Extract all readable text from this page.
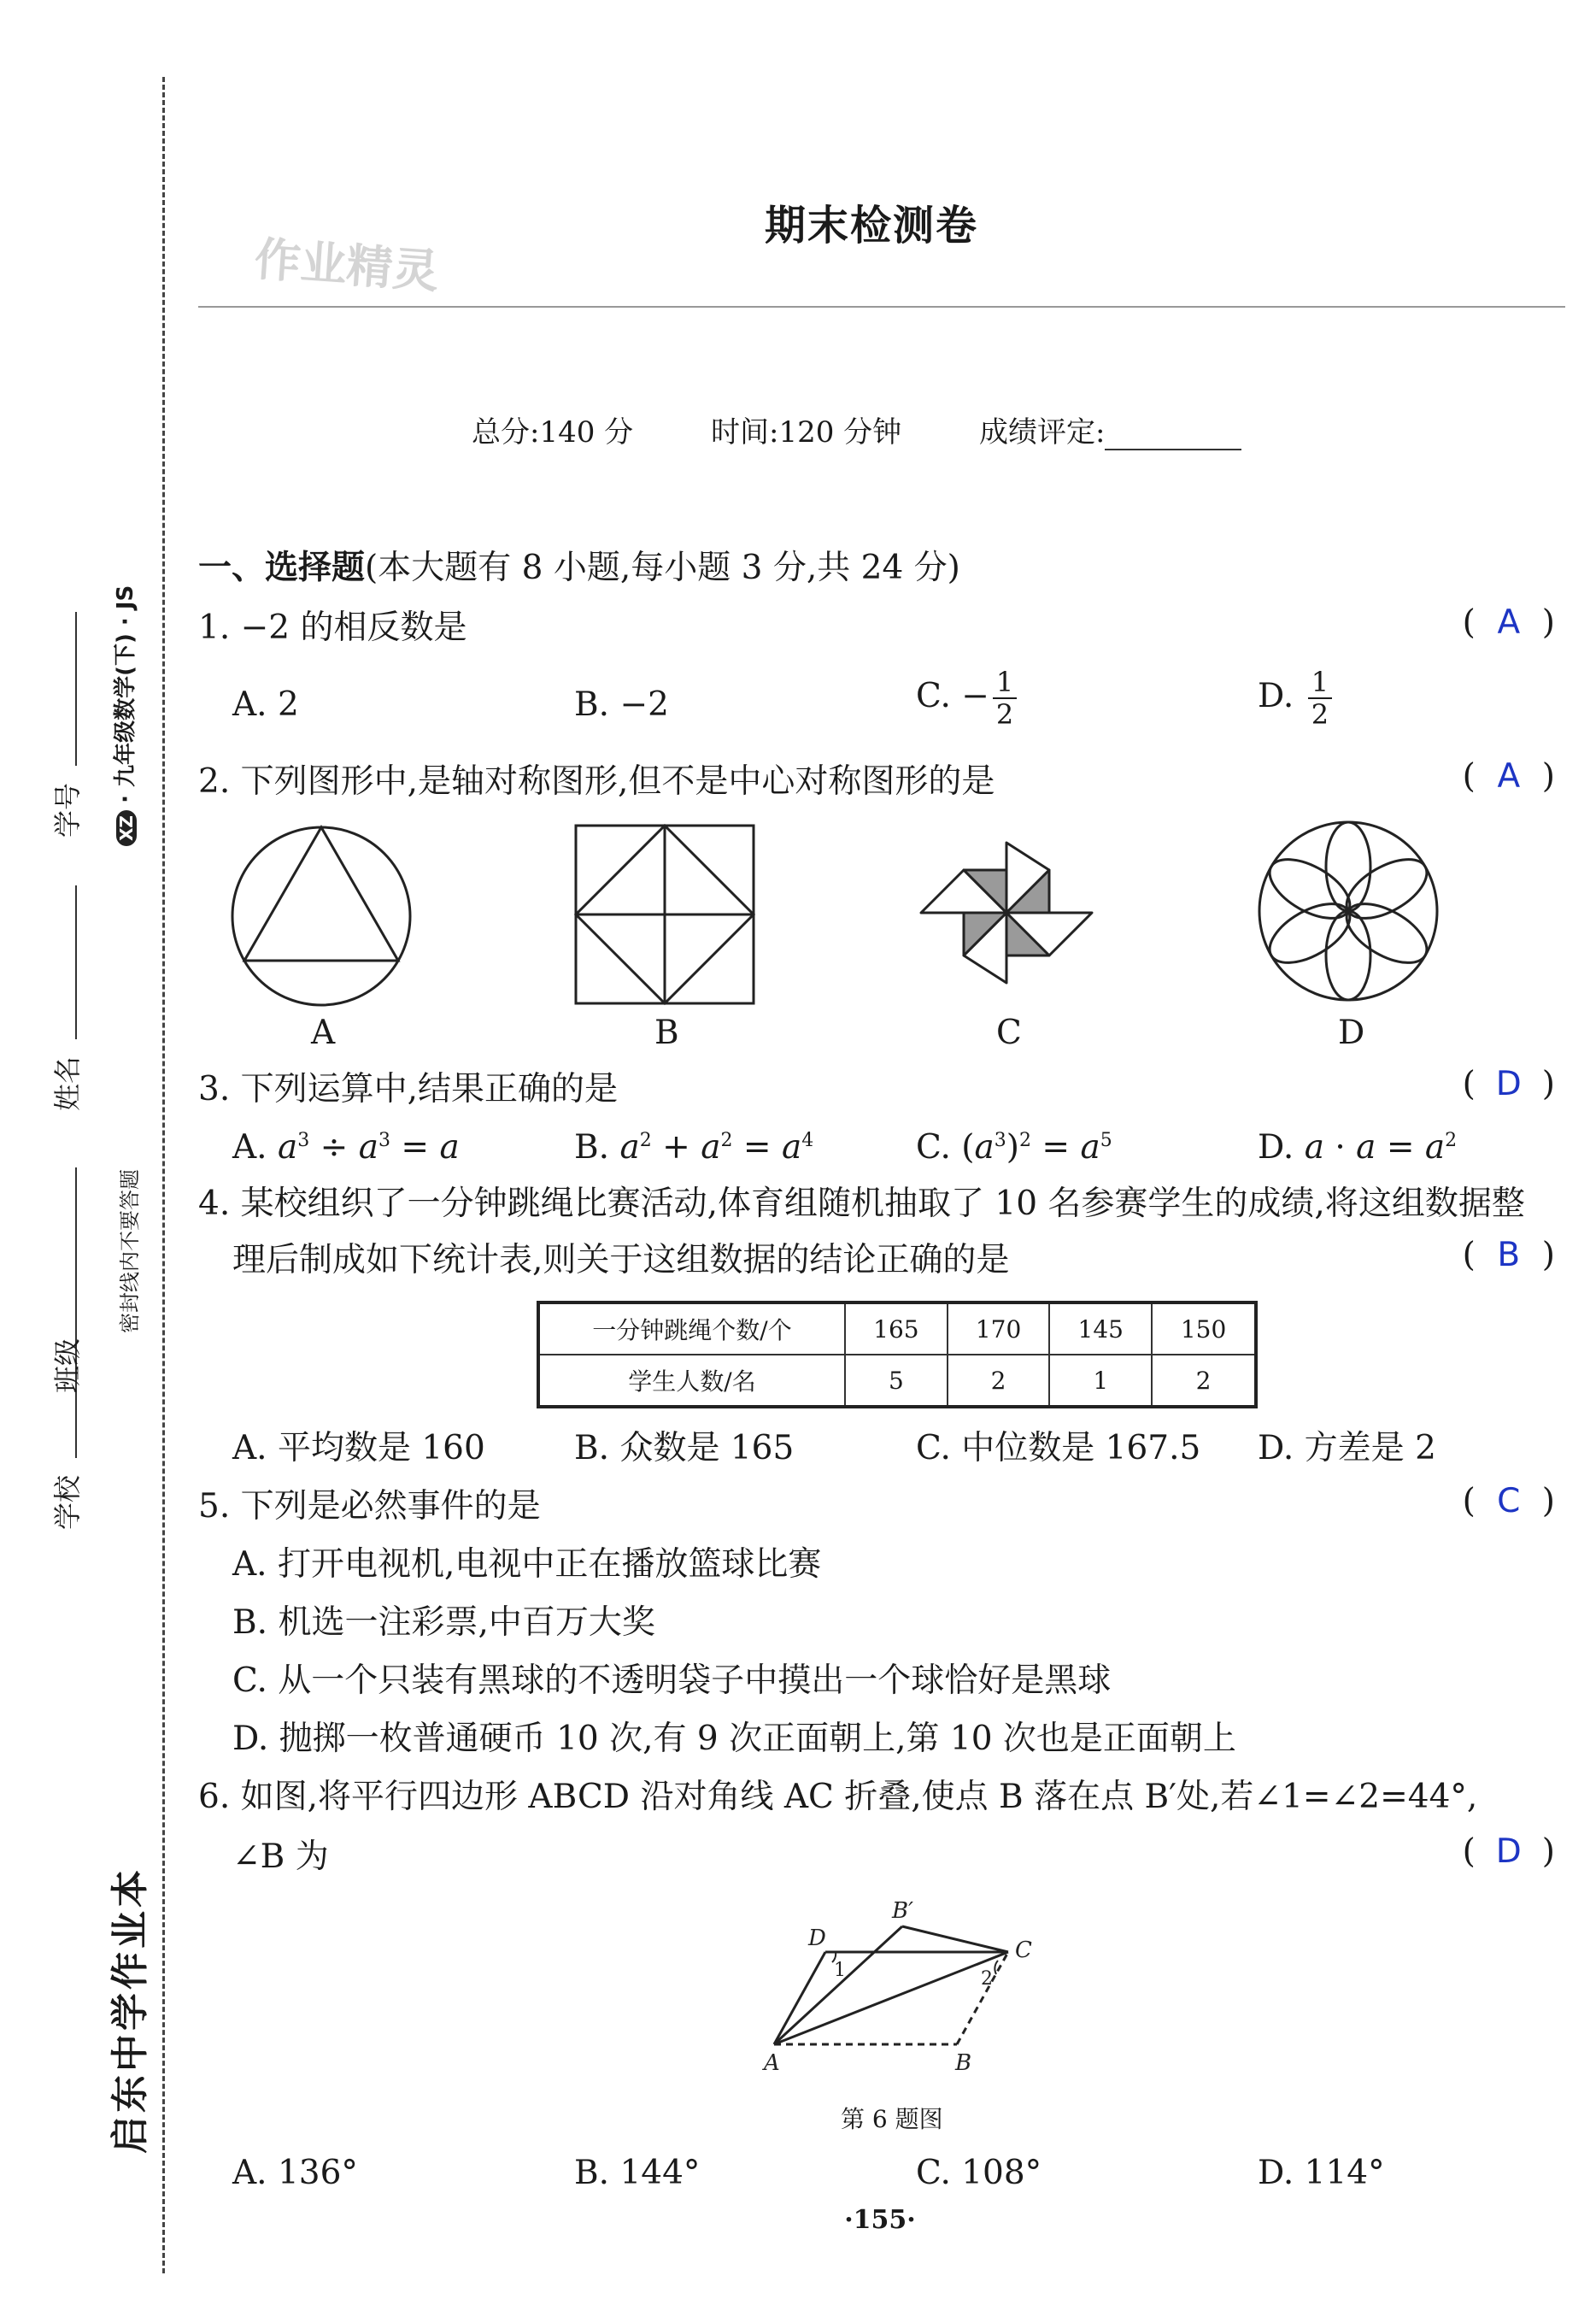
学校
班级
姓名
学号
密封线内不要答题
XZ · 九年级数学(下) · JS
启东中学作业本
期末检测卷
作业精灵
总分:140 分	时间:120 分钟	成绩评定:
一、选择题(本大题有 8 小题,每小题 3 分,共 24 分)
1. −2 的相反数是	( A )
A. 2	B. −2	C. − $\frac{1}{2}$	D. $\frac{1}{2}$
2. 下列图形中,是轴对称图形,但不是中心对称图形的是	( A )
A	B	C	D
3. 下列运算中,结果正确的是	( D )
A. $a^3 \div a^3 = a$	B. $a^2 + a^2 = a^4$	C. $(a^3)^2 = a^5$	D. $a \cdot a = a^2$
4. 某校组织了一分钟跳绳比赛活动,体育组随机抽取了 10 名参赛学生的成绩,将这组数据整
理后制成如下统计表,则关于这组数据的结论正确的是	( B )
一分钟跳绳个数/个	165	170	145	150
学生人数/名	5	2	1	2
A. 平均数是 160	B. 众数是 165	C. 中位数是 167.5 D. 方差是 2
5. 下列是必然事件的是	( C )
A. 打开电视机,电视中正在播放篮球比赛
B. 机选一注彩票,中百万大奖
C. 从一个只装有黑球的不透明袋子中摸出一个球恰好是黑球
D. 抛掷一枚普通硬币 10 次,有 9 次正面朝上,第 10 次也是正面朝上
6. 如图,将平行四边形 ABCD 沿对角线 AC 折叠,使点 B 落在点 B′处,若∠1=∠2=44°,
∠B 为	( D )
D
B′
C
A	B
1	2
第 6 题图
A. 136°	B. 144°	C. 108°	D. 114°
·155·
